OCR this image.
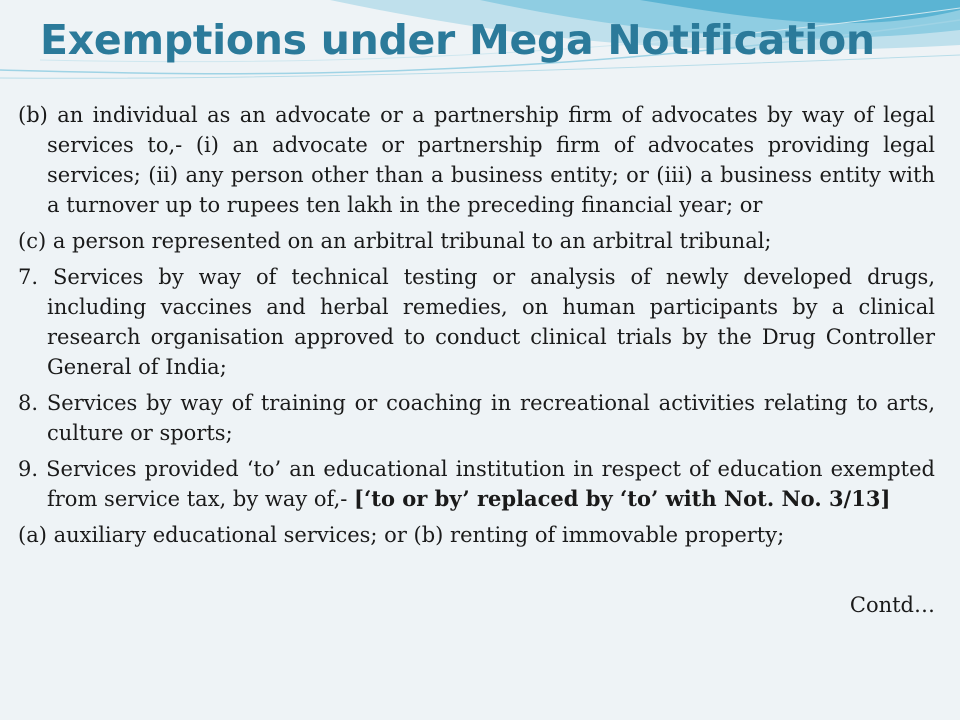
Exemptions under Mega Notification

(b) an individual as an advocate or a partnership firm of advocates by way of legal services to,- (i) an advocate or partnership firm of advocates providing legal services; (ii) any person other than a business entity; or (iii) a business entity with a turnover up to rupees ten lakh in the preceding financial year; or

(c) a person represented on an arbitral tribunal to an arbitral tribunal;

7. Services by way of technical testing or analysis of newly developed drugs, including vaccines and herbal remedies, on human participants by a clinical research organisation approved to conduct clinical trials by the Drug Controller General of India;

8. Services by way of training or coaching in recreational activities relating to arts, culture or sports;

9. Services provided ‘to’ an educational institution in respect of education exempted from service tax, by way of,- [‘to or by’ replaced by ‘to’ with Not. No. 3/13]

(a) auxiliary educational services; or (b) renting of immovable property;

Contd…
